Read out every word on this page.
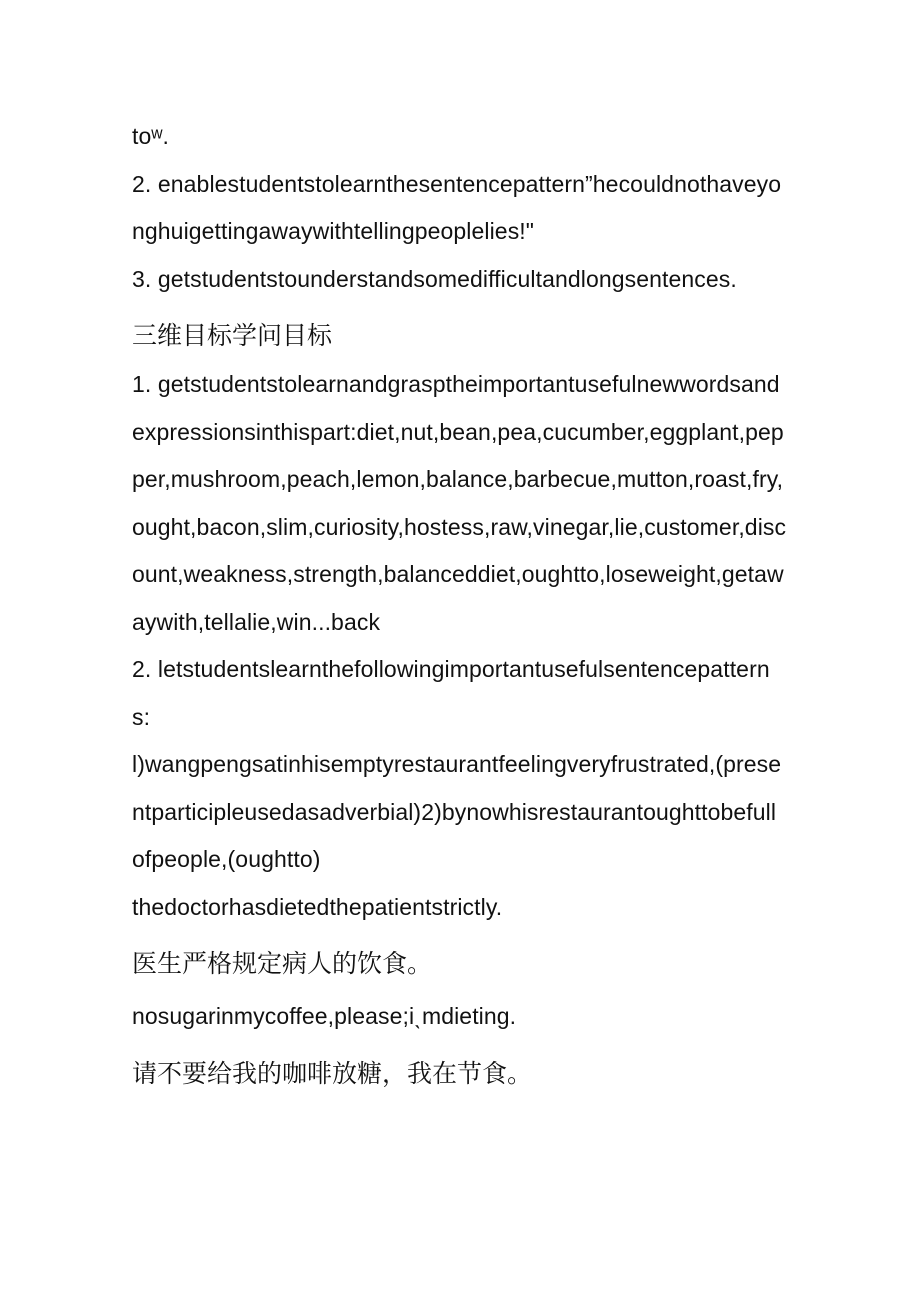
toʷ.

2. enablestudentstolearnthesentencepattern”hecouldnothaveyonghuigettingawaywithtellingpeoplelies!"

3. getstudentstounderstandsomedifficultandlongsentences.

三维目标学问目标

1. getstudentstolearnandgrasptheimportantusefulnewwordsandexpressionsinthispart:diet,nut,bean,pea,cucumber,eggplant,pepper,mushroom,peach,lemon,balance,barbecue,mutton,roast,fry,ought,bacon,slim,curiosity,hostess,raw,vinegar,lie,customer,discount,weakness,strength,balanceddiet,oughtto,loseweight,getawaywith,tellalie,win...back

2. letstudentslearnthefollowingimportantusefulsentencepatterns:

l)wangpengsatinhisemptyrestaurantfeelingveryfrustrated,(presentparticipleusedasadverbial)2)bynowhisrestaurantoughttobefullofpeople,(oughtto)

thedoctorhasdietedthepatientstrictly.

医生严格规定病人的饮食。

nosugarinmycoffee,please;iˎmdieting.

请不要给我的咖啡放糖，我在节食。
